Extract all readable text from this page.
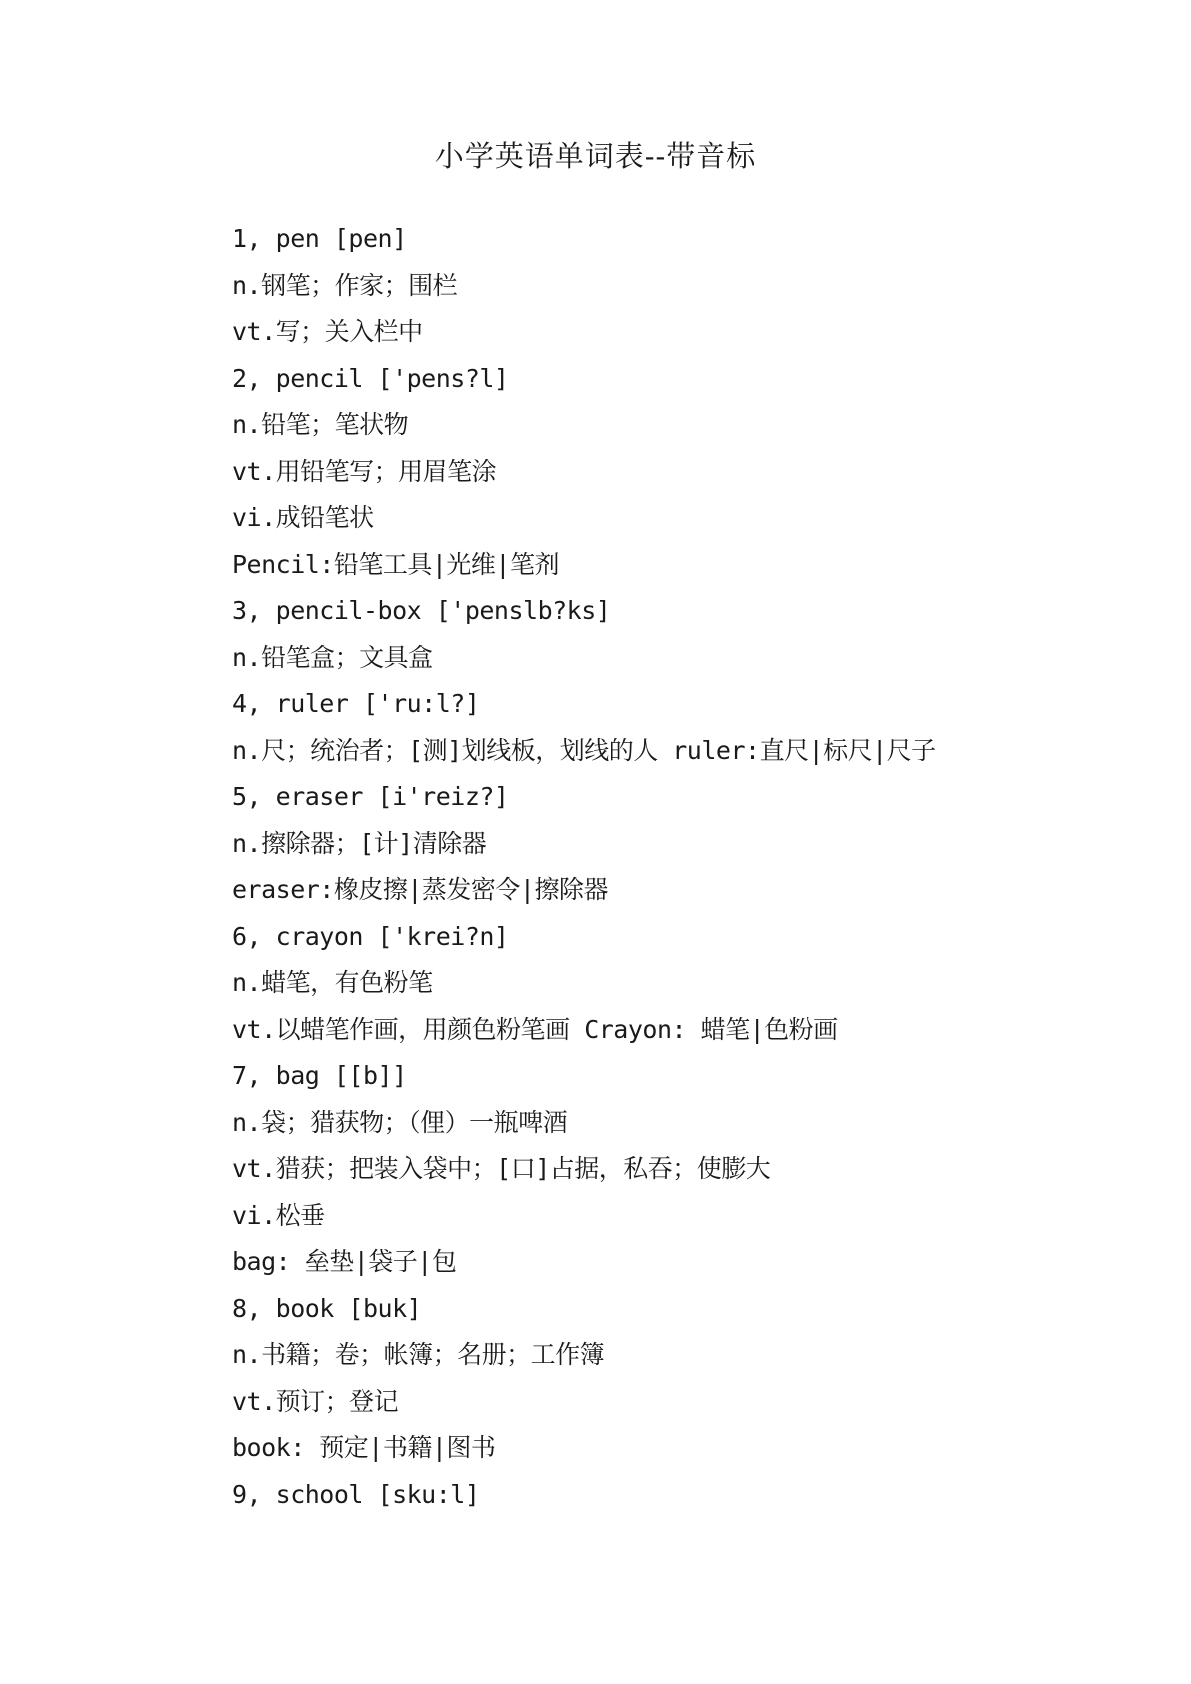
小学英语单词表--带音标
1, pen [pen]
n.钢笔；作家；围栏
vt.写；关入栏中
2, pencil ['pens?l]
n.铅笔；笔状物
vt.用铅笔写；用眉笔涂
vi.成铅笔状
Pencil:铅笔工具|光维|笔剂
3, pencil-box ['penslb?ks]
n.铅笔盒；文具盒
4, ruler ['ru:l?]
n.尺；统治者；[测]划线板，划线的人 ruler:直尺|标尺|尺子
5, eraser [i'reiz?]
n.擦除器；[计]清除器
eraser:橡皮擦|蒸发密令|擦除器
6, crayon ['krei?n]
n.蜡笔，有色粉笔
vt.以蜡笔作画，用颜色粉笔画 Crayon: 蜡笔|色粉画
7, bag [[b]]
n.袋；猎获物；（俚）一瓶啤酒
vt.猎获；把装入袋中；[口]占据，私吞；使膨大
vi.松垂
bag: 垒垫|袋子|包
8, book [buk]
n.书籍；卷；帐簿；名册；工作簿
vt.预订；登记
book: 预定|书籍|图书
9, school [sku:l]
